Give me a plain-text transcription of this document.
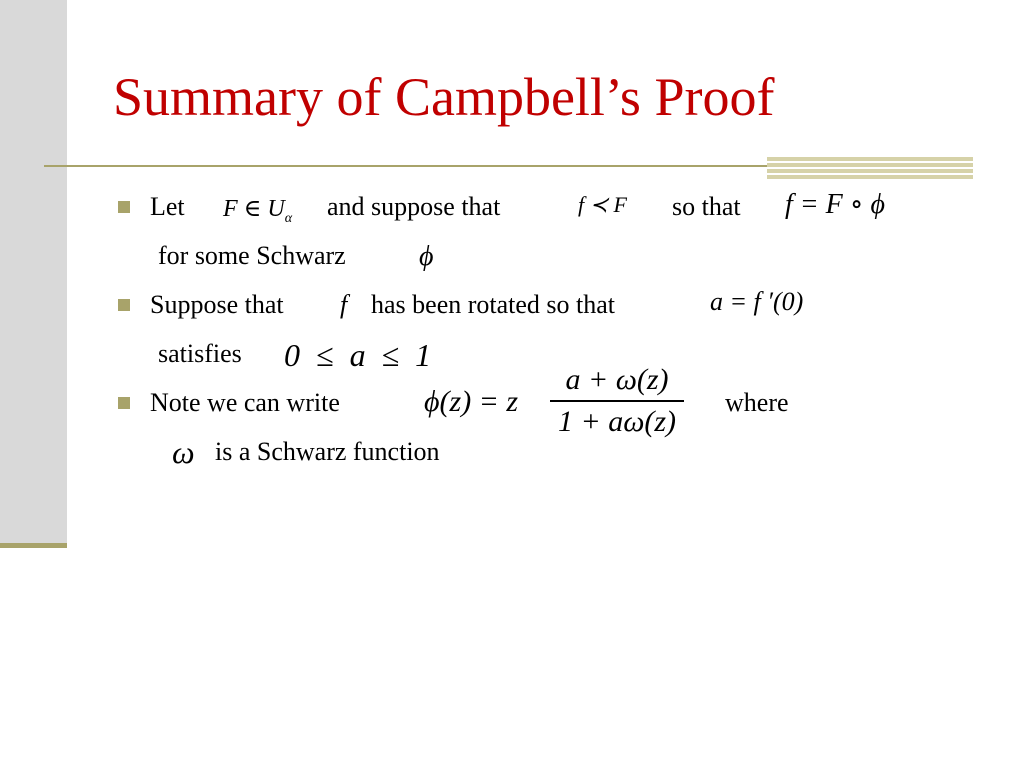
Summary of Campbell’s Proof
Let F ∈ $U_\alpha$ and suppose that	f ≺ F so that f = F ∘ ϕ
for some Schwarz	ϕ
Suppose that f has been rotated so that	a = f ′(0)
satisfies 0  ≤  a  ≤  1
Note we can write	ϕ(z) = z
a + ω(z)
1 + aω(z)
where
ω is a Schwarz function
